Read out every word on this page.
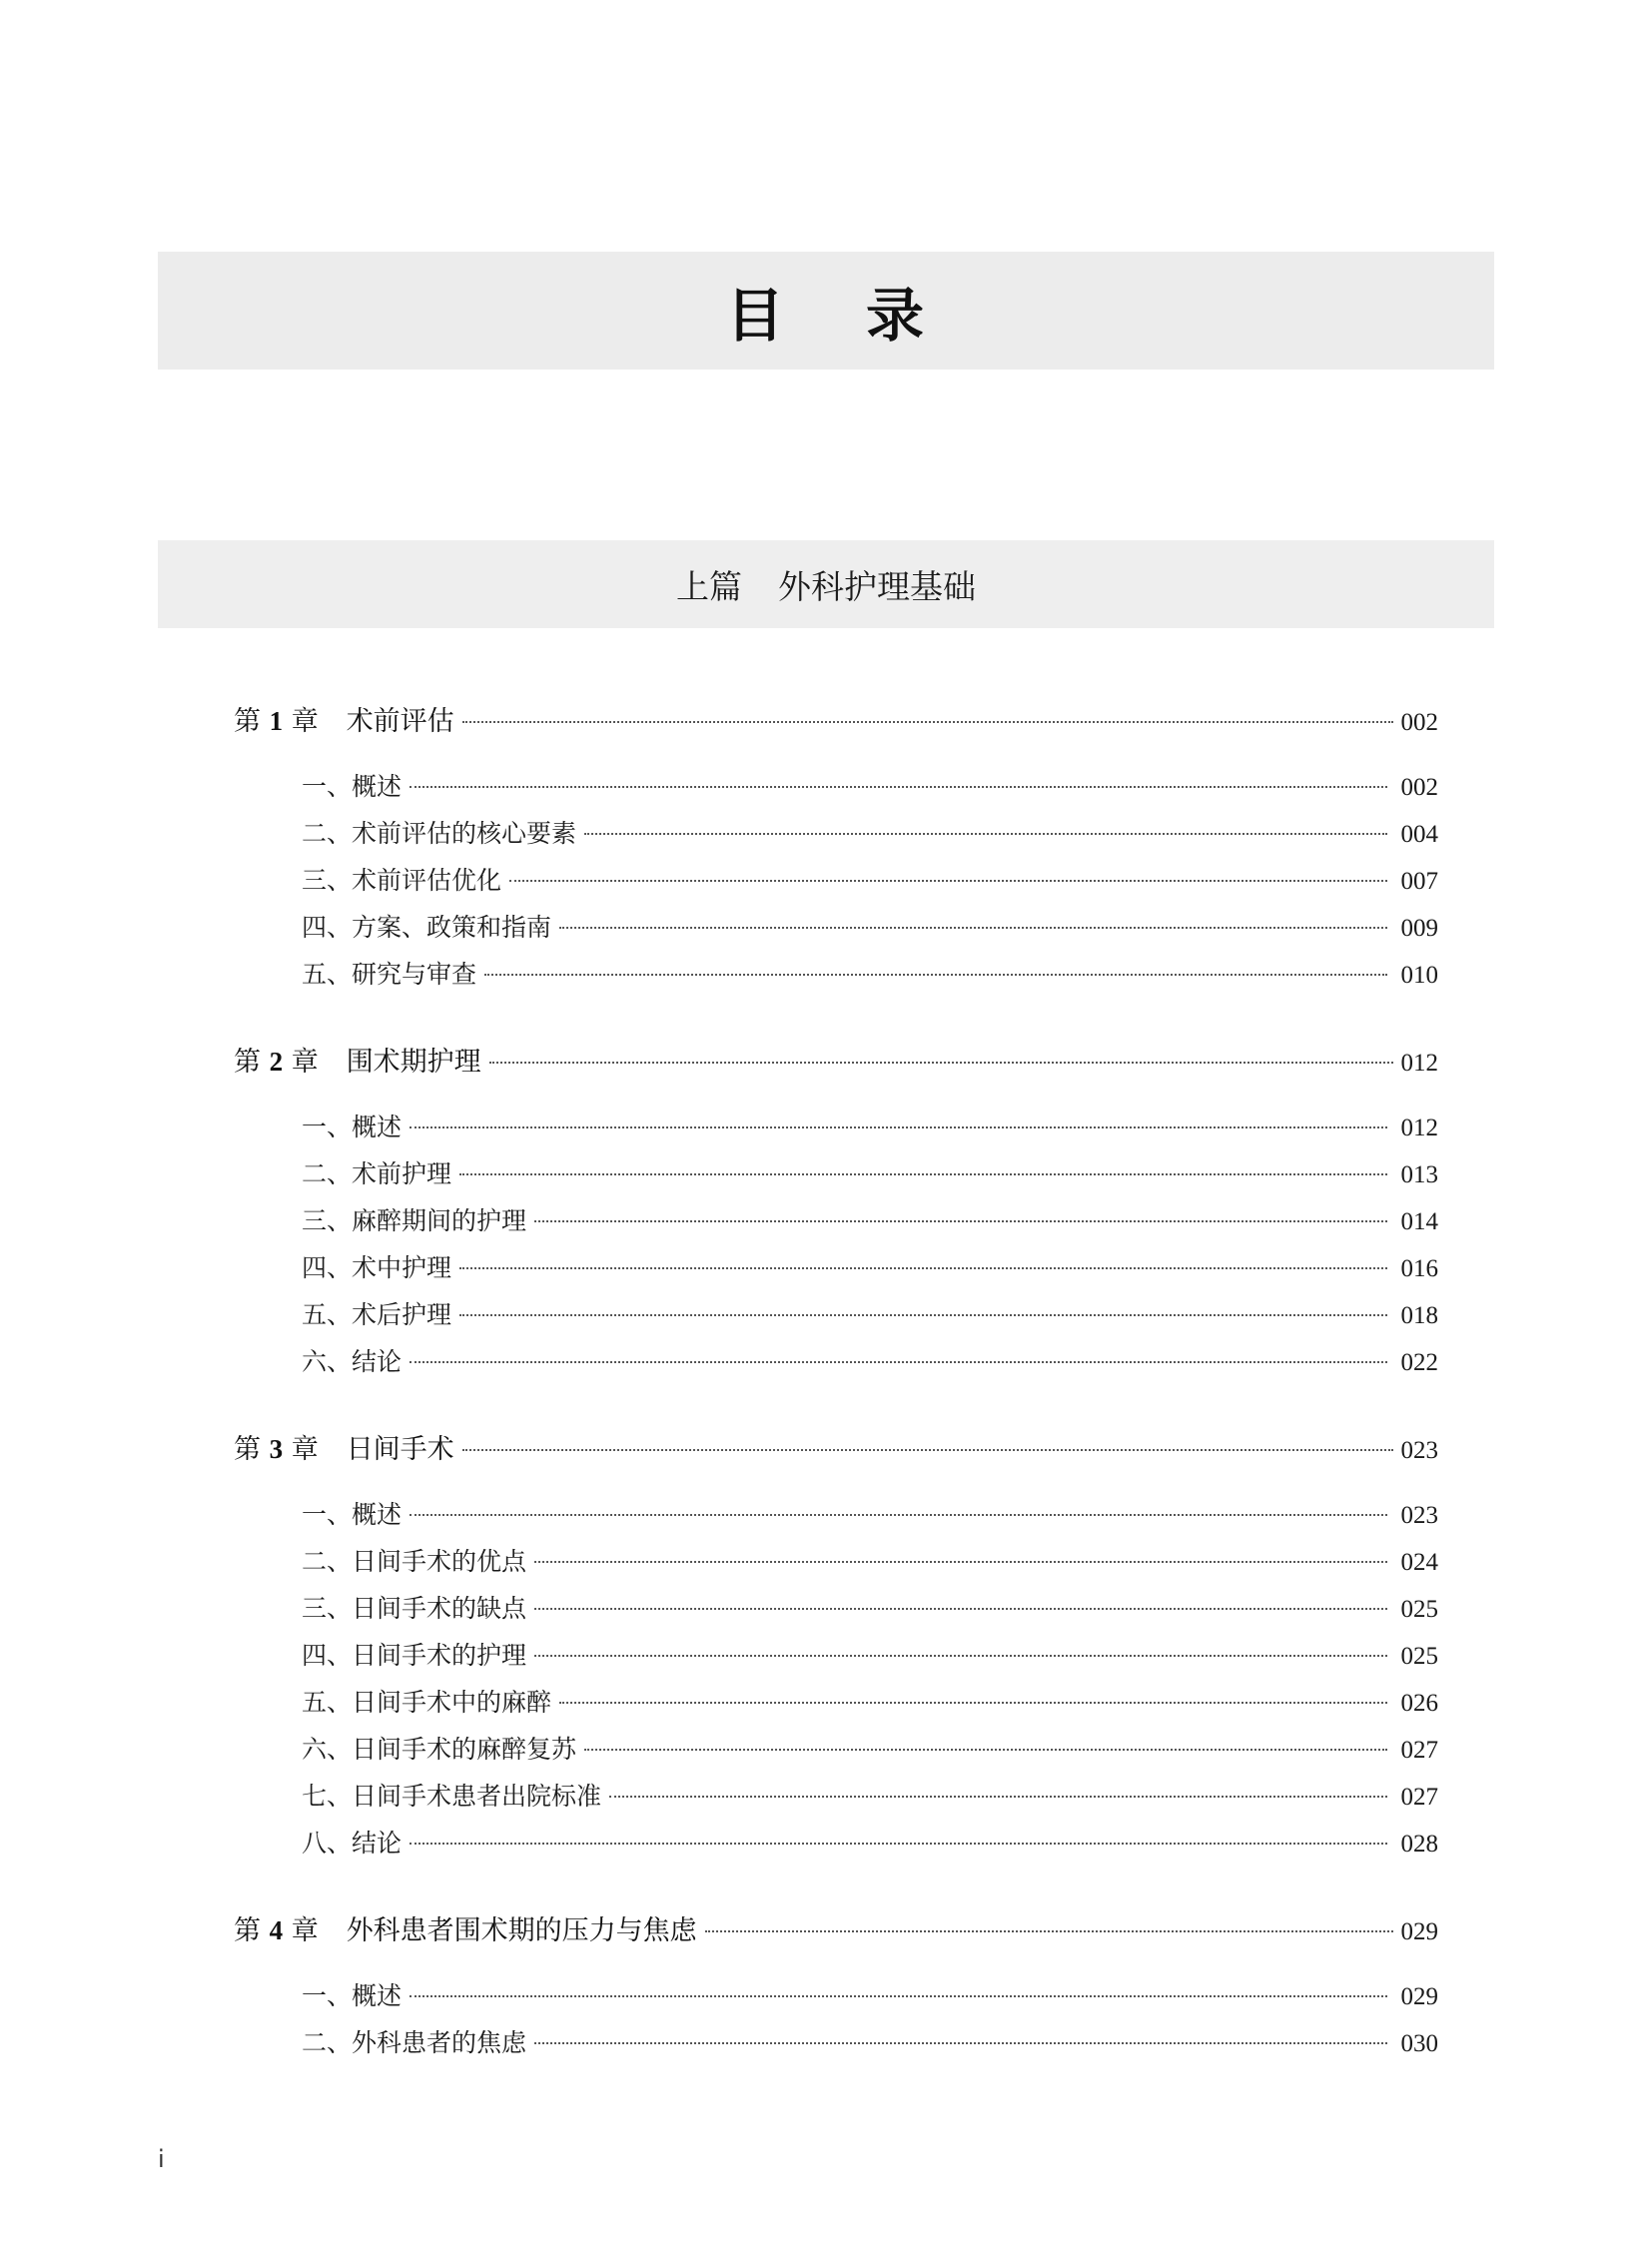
目 录
上篇 外科护理基础
第 1 章 术前评估	002
一、概述	002
二、术前评估的核心要素	004
三、术前评估优化	007
四、方案、政策和指南	009
五、研究与审查	010
第 2 章 围术期护理	012
一、概述	012
二、术前护理	013
三、麻醉期间的护理	014
四、术中护理	016
五、术后护理	018
六、结论	022
第 3 章 日间手术	023
一、概述	023
二、日间手术的优点	024
三、日间手术的缺点	025
四、日间手术的护理	025
五、日间手术中的麻醉	026
六、日间手术的麻醉复苏	027
七、日间手术患者出院标准	027
八、结论	028
第 4 章 外科患者围术期的压力与焦虑	029
一、概述	029
二、外科患者的焦虑	030
i
